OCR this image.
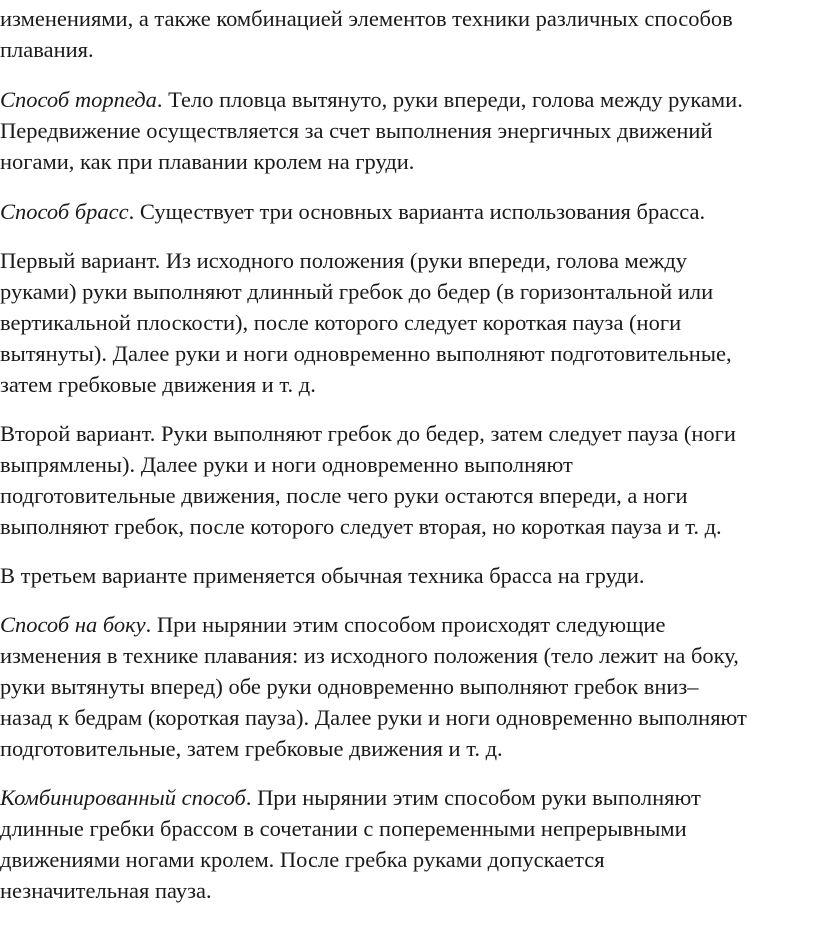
изменениями, а также комбинацией элементов техники различных способов
плавания.
Способ торпеда. Тело пловца вытянуто, руки впереди, голова между руками.
Передвижение осуществляется за счет выполнения энергичных движений
ногами, как при плавании кролем на груди.
Способ брасс. Существует три основных варианта использования брасса.
Первый вариант. Из исходного положения (руки впереди, голова между
руками) руки выполняют длинный гребок до бедер (в горизонтальной или
вертикальной плоскости), после которого следует короткая пауза (ноги
вытянуты). Далее руки и ноги одновременно выполняют подготовительные,
затем гребковые движения и т. д.
Второй вариант. Руки выполняют гребок до бедер, затем следует пауза (ноги
выпрямлены). Далее руки и ноги одновременно выполняют
подготовительные движения, после чего руки остаются впереди, а ноги
выполняют гребок, после которого следует вторая, но короткая пауза и т. д.
В третьем варианте применяется обычная техника брасса на груди.
Способ на боку. При нырянии этим способом происходят следующие
изменения в технике плавания: из исходного положения (тело лежит на боку,
руки вытянуты вперед) обе руки одновременно выполняют гребок вниз–
назад к бедрам (короткая пауза). Далее руки и ноги одновременно выполняют
подготовительные, затем гребковые движения и т. д.
Комбинированный способ. При нырянии этим способом руки выполняют
длинные гребки брассом в сочетании с попеременными непрерывными
движениями ногами кролем. После гребка руками допускается
незначительная пауза.
